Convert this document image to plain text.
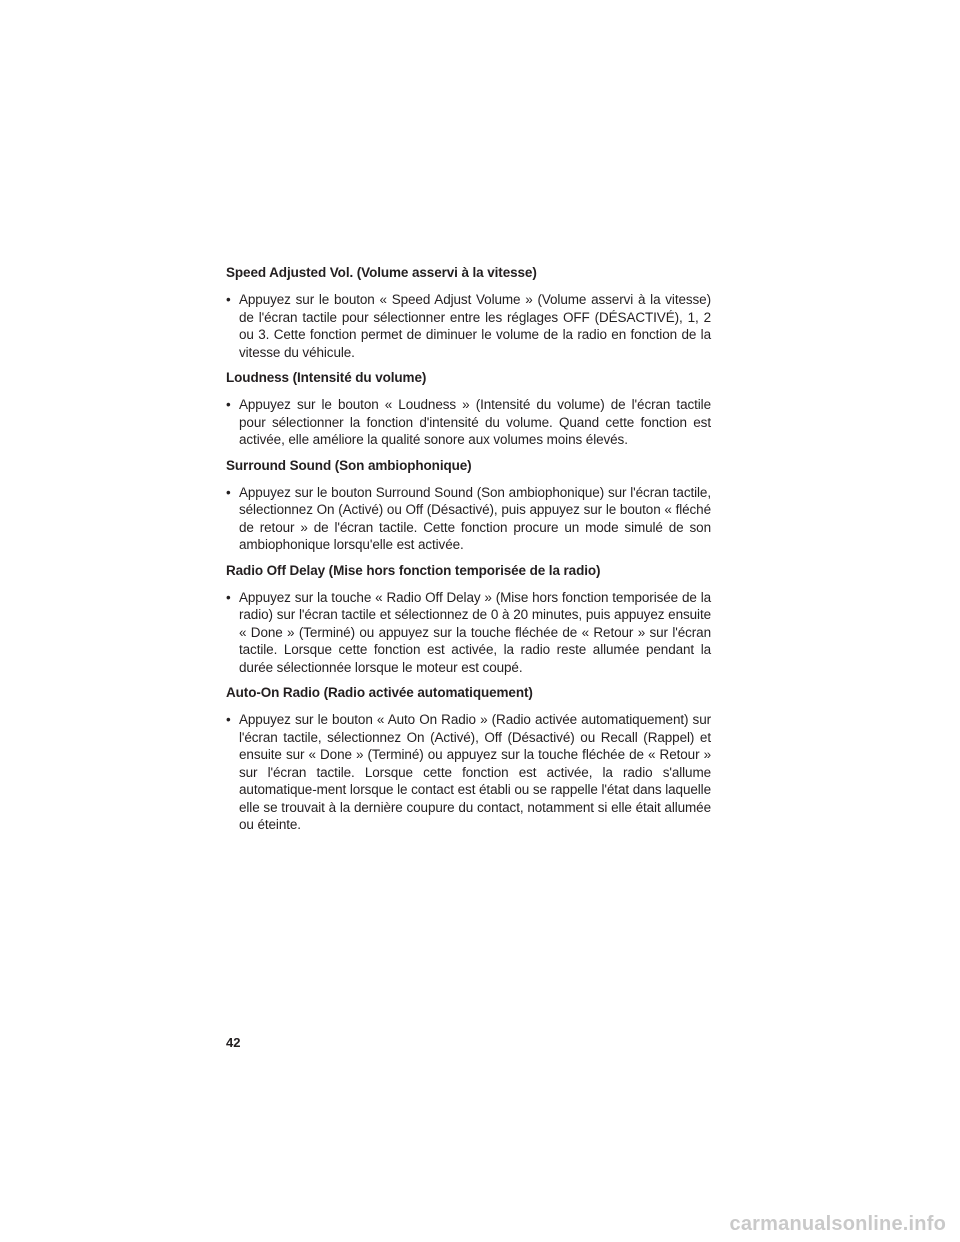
Speed Adjusted Vol. (Volume asservi à la vitesse)
• Appuyez sur le bouton « Speed Adjust Volume » (Volume asservi à la vitesse) de l'écran tactile pour sélectionner entre les réglages OFF (DÉSACTIVÉ), 1, 2 ou 3. Cette fonction permet de diminuer le volume de la radio en fonction de la vitesse du véhicule.
Loudness (Intensité du volume)
• Appuyez sur le bouton « Loudness » (Intensité du volume) de l'écran tactile pour sélectionner la fonction d'intensité du volume. Quand cette fonction est activée, elle améliore la qualité sonore aux volumes moins élevés.
Surround Sound (Son ambiophonique)
• Appuyez sur le bouton Surround Sound (Son ambiophonique) sur l'écran tactile, sélectionnez On (Activé) ou Off (Désactivé), puis appuyez sur le bouton « fléché de retour » de l'écran tactile. Cette fonction procure un mode simulé de son ambiophonique lorsqu'elle est activée.
Radio Off Delay (Mise hors fonction temporisée de la radio)
• Appuyez sur la touche « Radio Off Delay » (Mise hors fonction temporisée de la radio) sur l'écran tactile et sélectionnez de 0 à 20 minutes, puis appuyez ensuite « Done » (Terminé) ou appuyez sur la touche fléchée de « Retour » sur l'écran tactile. Lorsque cette fonction est activée, la radio reste allumée pendant la durée sélectionnée lorsque le moteur est coupé.
Auto-On Radio (Radio activée automatiquement)
• Appuyez sur le bouton « Auto On Radio » (Radio activée automatiquement) sur l'écran tactile, sélectionnez On (Activé), Off (Désactivé) ou Recall (Rappel) et ensuite sur « Done » (Terminé) ou appuyez sur la touche fléchée de « Retour » sur l'écran tactile. Lorsque cette fonction est activée, la radio s'allume automatique-ment lorsque le contact est établi ou se rappelle l'état dans laquelle elle se trouvait à la dernière coupure du contact, notamment si elle était allumée ou éteinte.
42
carmanualsonline.info
